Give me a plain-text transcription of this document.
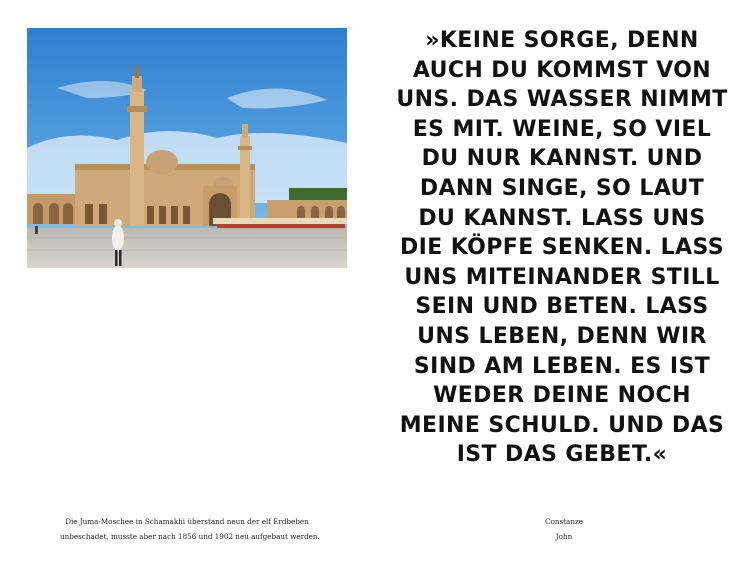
Die Juma-Moschee in Schamakhi überstand neun der elf Erdbeben
unbeschadet, musste aber nach 1856 und 1902 neu aufgebaut werden.
»KEINE SORGE, DENN
AUCH DU KOMMST VON
UNS. DAS WASSER NIMMT
ES MIT. WEINE, SO VIEL
DU NUR KANNST. UND
DANN SINGE, SO LAUT
DU KANNST. LASS UNS
DIE KÖPFE SENKEN. LASS
UNS MITEINANDER STILL
SEIN UND BETEN. LASS
UNS LEBEN, DENN WIR
SIND AM LEBEN. ES IST
WEDER DEINE NOCH
MEINE SCHULD. UND DAS
IST DAS GEBET.«
Constanze
John
